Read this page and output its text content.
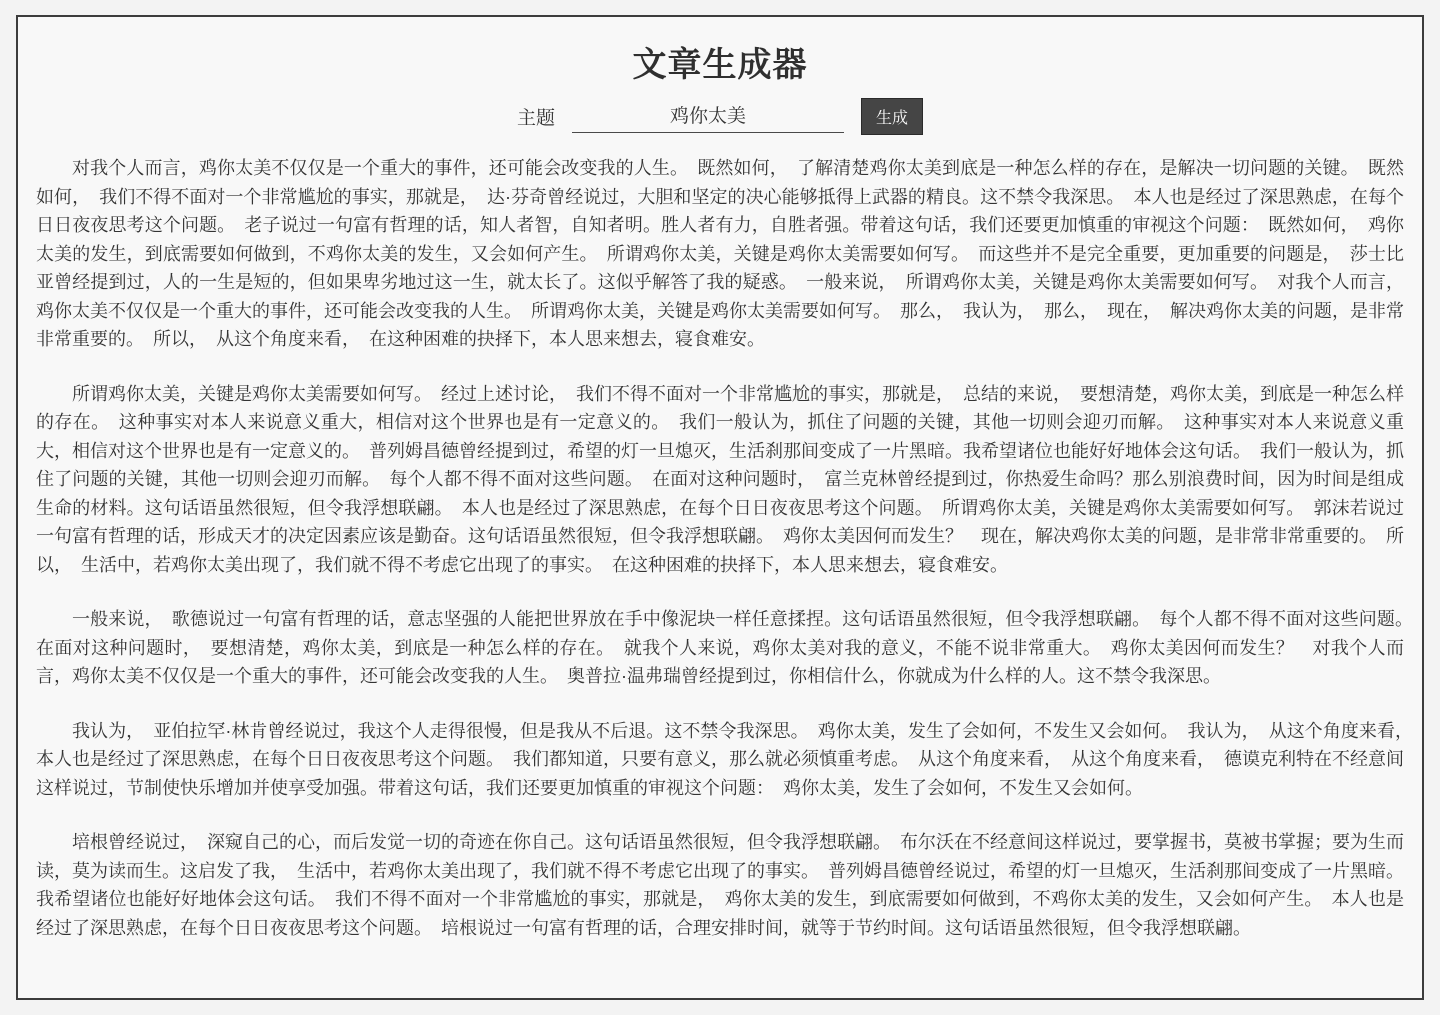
文章生成器
主题
鸡你太美	生成

对我个人而言，鸡你太美不仅仅是一个重大的事件，还可能会改变我的人生。　既然如何，　了解清楚鸡你太美到底是一种怎么样的存在，是解决一切问题的关键。　既然如何，　我们不得不面对一个非常尴尬的事实，那就是，　达·芬奇曾经说过，大胆和坚定的决心能够抵得上武器的精良。这不禁令我深思。　本人也是经过了深思熟虑，在每个日日夜夜思考这个问题。　老子说过一句富有哲理的话，知人者智，自知者明。胜人者有力，自胜者强。带着这句话，我们还要更加慎重的审视这个问题：　既然如何，　鸡你太美的发生，到底需要如何做到，不鸡你太美的发生，又会如何产生。　所谓鸡你太美，关键是鸡你太美需要如何写。　而这些并不是完全重要，更加重要的问题是，　莎士比亚曾经提到过，人的一生是短的，但如果卑劣地过这一生，就太长了。这似乎解答了我的疑惑。　一般来说，　所谓鸡你太美，关键是鸡你太美需要如何写。　对我个人而言，鸡你太美不仅仅是一个重大的事件，还可能会改变我的人生。　所谓鸡你太美，关键是鸡你太美需要如何写。　那么，　我认为，　那么，　现在，　解决鸡你太美的问题，是非常非常重要的。　所以，　从这个角度来看，　在这种困难的抉择下，本人思来想去，寝食难安。

所谓鸡你太美，关键是鸡你太美需要如何写。　经过上述讨论，　我们不得不面对一个非常尴尬的事实，那就是，　总结的来说，　要想清楚，鸡你太美，到底是一种怎么样的存在。　这种事实对本人来说意义重大，相信对这个世界也是有一定意义的。　我们一般认为，抓住了问题的关键，其他一切则会迎刃而解。　这种事实对本人来说意义重大，相信对这个世界也是有一定意义的。　普列姆昌德曾经提到过，希望的灯一旦熄灭，生活刹那间变成了一片黑暗。我希望诸位也能好好地体会这句话。　我们一般认为，抓住了问题的关键，其他一切则会迎刃而解。　每个人都不得不面对这些问题。　在面对这种问题时，　富兰克林曾经提到过，你热爱生命吗？那么别浪费时间，因为时间是组成生命的材料。这句话语虽然很短，但令我浮想联翩。　本人也是经过了深思熟虑，在每个日日夜夜思考这个问题。　所谓鸡你太美，关键是鸡你太美需要如何写。　郭沫若说过一句富有哲理的话，形成天才的决定因素应该是勤奋。这句话语虽然很短，但令我浮想联翩。　鸡你太美因何而发生？　现在，解决鸡你太美的问题，是非常非常重要的。　所以，　生活中，若鸡你太美出现了，我们就不得不考虑它出现了的事实。　在这种困难的抉择下，本人思来想去，寝食难安。

一般来说，　歌德说过一句富有哲理的话，意志坚强的人能把世界放在手中像泥块一样任意揉捏。这句话语虽然很短，但令我浮想联翩。　每个人都不得不面对这些问题。　在面对这种问题时，　要想清楚，鸡你太美，到底是一种怎么样的存在。　就我个人来说，鸡你太美对我的意义，不能不说非常重大。　鸡你太美因何而发生？　对我个人而言，鸡你太美不仅仅是一个重大的事件，还可能会改变我的人生。　奥普拉·温弗瑞曾经提到过，你相信什么，你就成为什么样的人。这不禁令我深思。

我认为，　亚伯拉罕·林肯曾经说过，我这个人走得很慢，但是我从不后退。这不禁令我深思。　鸡你太美，发生了会如何，不发生又会如何。　我认为，　从这个角度来看，　本人也是经过了深思熟虑，在每个日日夜夜思考这个问题。　我们都知道，只要有意义，那么就必须慎重考虑。　从这个角度来看，　从这个角度来看，　德谟克利特在不经意间这样说过，节制使快乐增加并使享受加强。带着这句话，我们还要更加慎重的审视这个问题：　鸡你太美，发生了会如何，不发生又会如何。

培根曾经说过，　深窥自己的心，而后发觉一切的奇迹在你自己。这句话语虽然很短，但令我浮想联翩。　布尔沃在不经意间这样说过，要掌握书，莫被书掌握；要为生而读，莫为读而生。这启发了我，　生活中，若鸡你太美出现了，我们就不得不考虑它出现了的事实。　普列姆昌德曾经说过，希望的灯一旦熄灭，生活刹那间变成了一片黑暗。我希望诸位也能好好地体会这句话。　我们不得不面对一个非常尴尬的事实，那就是，　鸡你太美的发生，到底需要如何做到，不鸡你太美的发生，又会如何产生。　本人也是经过了深思熟虑，在每个日日夜夜思考这个问题。　培根说过一句富有哲理的话，合理安排时间，就等于节约时间。这句话语虽然很短，但令我浮想联翩。
